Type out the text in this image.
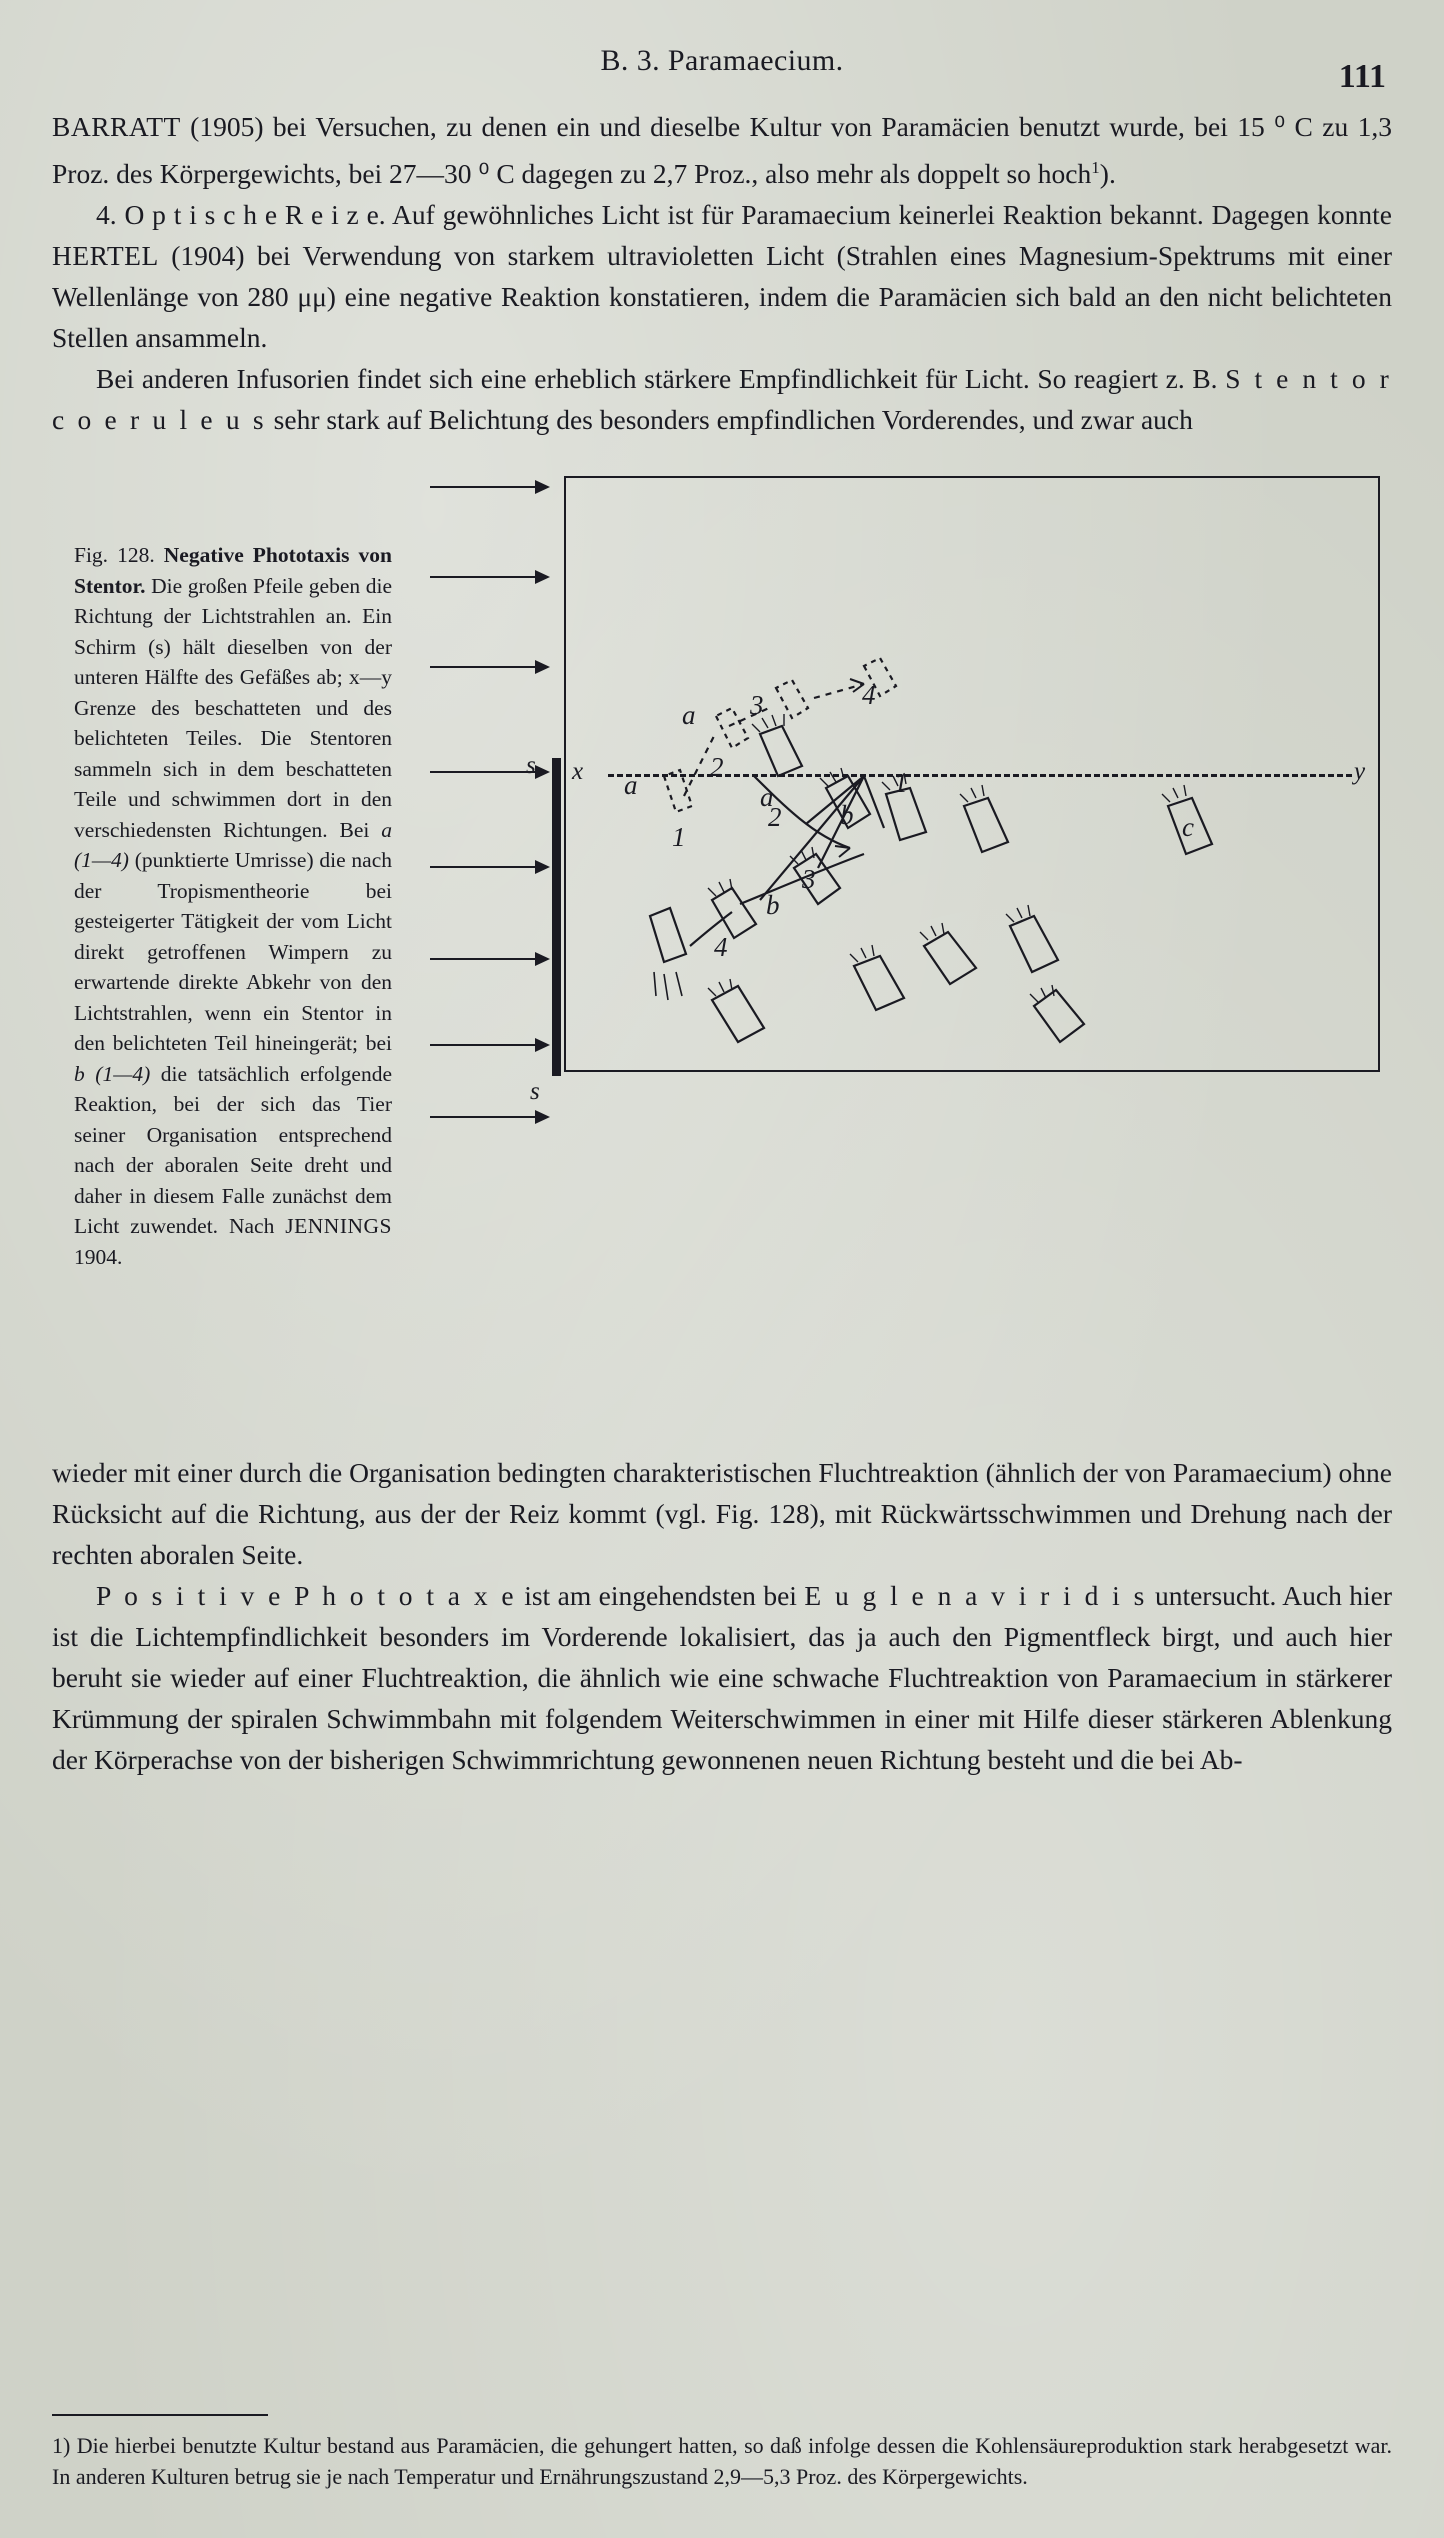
B. 3. Paramaecium.	111

BARRATT (1905) bei Versuchen, zu denen ein und dieselbe Kultur von Paramäcien benutzt wurde, bei 15 ⁰ C zu 1,3 Proz. des Körpergewichts, bei 27—30 ⁰ C dagegen zu 2,7 Proz., also mehr als doppelt so hoch$^1$).

4. O p t i s c h e R e i z e. Auf gewöhnliches Licht ist für Paramaecium keinerlei Reaktion bekannt. Dagegen konnte HERTEL (1904) bei Verwendung von starkem ultravioletten Licht (Strahlen eines Magnesium-Spektrums mit einer Wellenlänge von 280 μμ) eine negative Reaktion konstatieren, indem die Paramäcien sich bald an den nicht belichteten Stellen ansammeln.

Bei anderen Infusorien findet sich eine erheblich stärkere Empfindlichkeit für Licht. So reagiert z. B. S t e n t o r c o e r u l e u s sehr stark auf Belichtung des besonders empfindlichen Vorderendes, und zwar auch

Fig. 128. Negative Phototaxis von Stentor. Die großen Pfeile geben die Richtung der Lichtstrahlen an. Ein Schirm (s) hält dieselben von der unteren Hälfte des Gefäßes ab; x—y Grenze des beschatteten und des belichteten Teiles. Die Stentoren sammeln sich in dem beschatteten Teile und schwimmen dort in den verschiedensten Richtungen. Bei a (1—4) (punktierte Umrisse) die nach der Tropismentheorie bei gesteigerter Tätigkeit der vom Licht direkt getroffenen Wimpern zu erwartende direkte Abkehr von den Lichtstrahlen, wenn ein Stentor in den belichteten Teil hineingerät; bei b (1—4) die tatsächlich erfolgende Reaktion, bei der sich das Tier seiner Organisation entsprechend nach der aboralen Seite dreht und daher in diesem Falle zunächst dem Licht zuwendet. Nach JENNINGS 1904.
s
s
x	y
a
a	a
1
2
3	4
2
1
b
3
b
4
c

wieder mit einer durch die Organisation bedingten charakteristischen Fluchtreaktion (ähnlich der von Paramaecium) ohne Rücksicht auf die Richtung, aus der der Reiz kommt (vgl. Fig. 128), mit Rückwärtsschwimmen und Drehung nach der rechten aboralen Seite.

P o s i t i v e P h o t o t a x e ist am eingehendsten bei E u g l e n a v i r i d i s untersucht. Auch hier ist die Lichtempfindlichkeit besonders im Vorderende lokalisiert, das ja auch den Pigmentfleck birgt, und auch hier beruht sie wieder auf einer Fluchtreaktion, die ähnlich wie eine schwache Fluchtreaktion von Paramaecium in stärkerer Krümmung der spiralen Schwimmbahn mit folgendem Weiterschwimmen in einer mit Hilfe dieser stärkeren Ablenkung der Körperachse von der bisherigen Schwimmrichtung gewonnenen neuen Richtung besteht und die bei Ab-

1) Die hierbei benutzte Kultur bestand aus Paramäcien, die gehungert hatten, so daß infolge dessen die Kohlensäureproduktion stark herabgesetzt war. In anderen Kulturen betrug sie je nach Temperatur und Ernährungszustand 2,9—5,3 Proz. des Körpergewichts.
